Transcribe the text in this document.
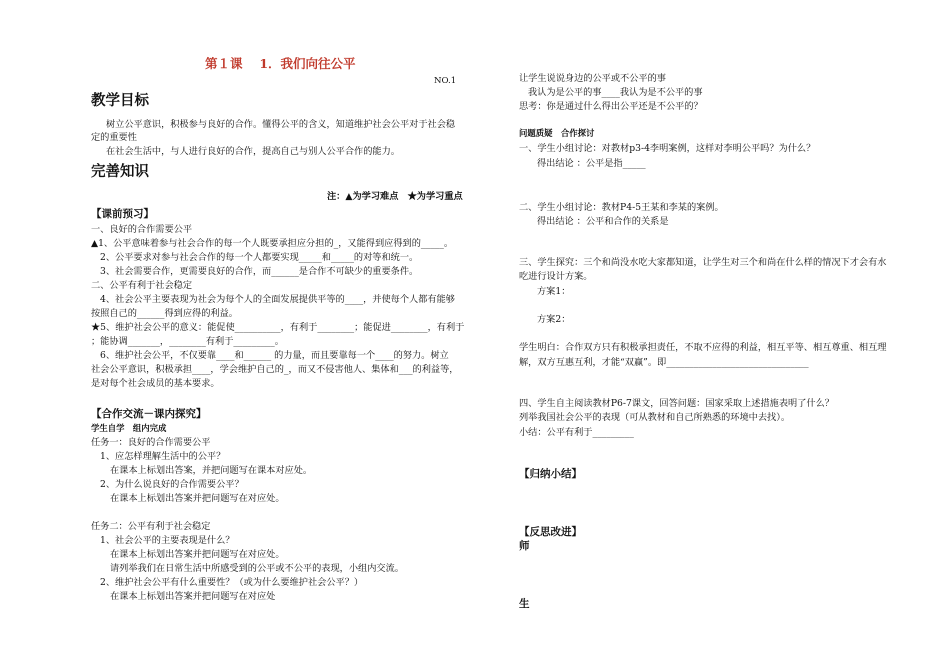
第１课　 1．我们向往公平
NO.1
教学目标
树立公平意识，积极参与良好的合作。懂得公平的含义，知道维护社会公平对于社会稳
定的重要性
在社会生活中，与人进行良好的合作，提高自己与别人公平合作的能力。
完善知识
注：▲为学习难点　★为学习重点
【课前预习】
一、良好的合作需要公平
▲1、公平意味着参与社会合作的每一个人既要承担应分担的_，又能得到应得到的_____。
2、公平要求对参与社会合作的每一个人都要实现_____和_____的对等和统一。
3、社会需要合作，更需要良好的合作，而______是合作不可缺少的重要条件。
二、公平有利于社会稳定
4、社会公平主要表现为社会为每个人的全面发展提供平等的____，并使每个人都有能够
按照自己的______得到应得的利益。
★5、维护社会公平的意义：能促使__________，有利于________；能促进________，有利于
；能协调_______，________有利于_________。
6、维护社会公平，不仅要靠____和______ 的力量，而且要靠每一个____的努力。树立
社会公平意识，积极承担____，学会维护自己的_，而又不侵害他人、集体和___的利益等，
是对每个社会成员的基本要求。
【合作交流－课内探究】
学生自学　组内完成
任务一：良好的合作需要公平
1、应怎样理解生活中的公平？
在课本上标划出答案，并把问题写在课本对应处。
2、为什么说良好的合作需要公平？
在课本上标划出答案并把问题写在对应处。
任务二：公平有利于社会稳定
1、社会公平的主要表现是什么？
在课本上标划出答案并把问题写在对应处。
请列举我们在日常生活中所感受到的公平或不公平的表现，小组内交流。
2、维护社会公平有什么重要性？（或为什么要维护社会公平？）
在课本上标划出答案并把问题写在对应处
让学生说说身边的公平或不公平的事
我认为是公平的事____我认为是不公平的事
思考：你是通过什么得出公平还是不公平的？
问题质疑　合作探讨
一、学生小组讨论：对教材p3-4李明案例，这样对李明公平吗？为什么？
得出结论 ：公平是指_____
二、学生小组讨论：教材P4-5王某和李某的案例。
得出结论 ：公平和合作的关系是
三、学生探究：三个和尚没水吃大家都知道，让学生对三个和尚在什么样的情况下才会有水
吃进行设计方案。
方案1：
方案2：
学生明白：合作双方只有积极承担责任，不取不应得的利益，相互平等、相互尊重、相互理
解，双方互惠互利，才能“双赢”。即_______________________________
四、学生自主阅读教材P6-7课文，回答问题：国家采取上述措施表明了什么？
列举我国社会公平的表现（可从教材和自己所熟悉的环境中去找）。
小结：公平有利于_________
【归纳小结】
【反思改进】
师
生
